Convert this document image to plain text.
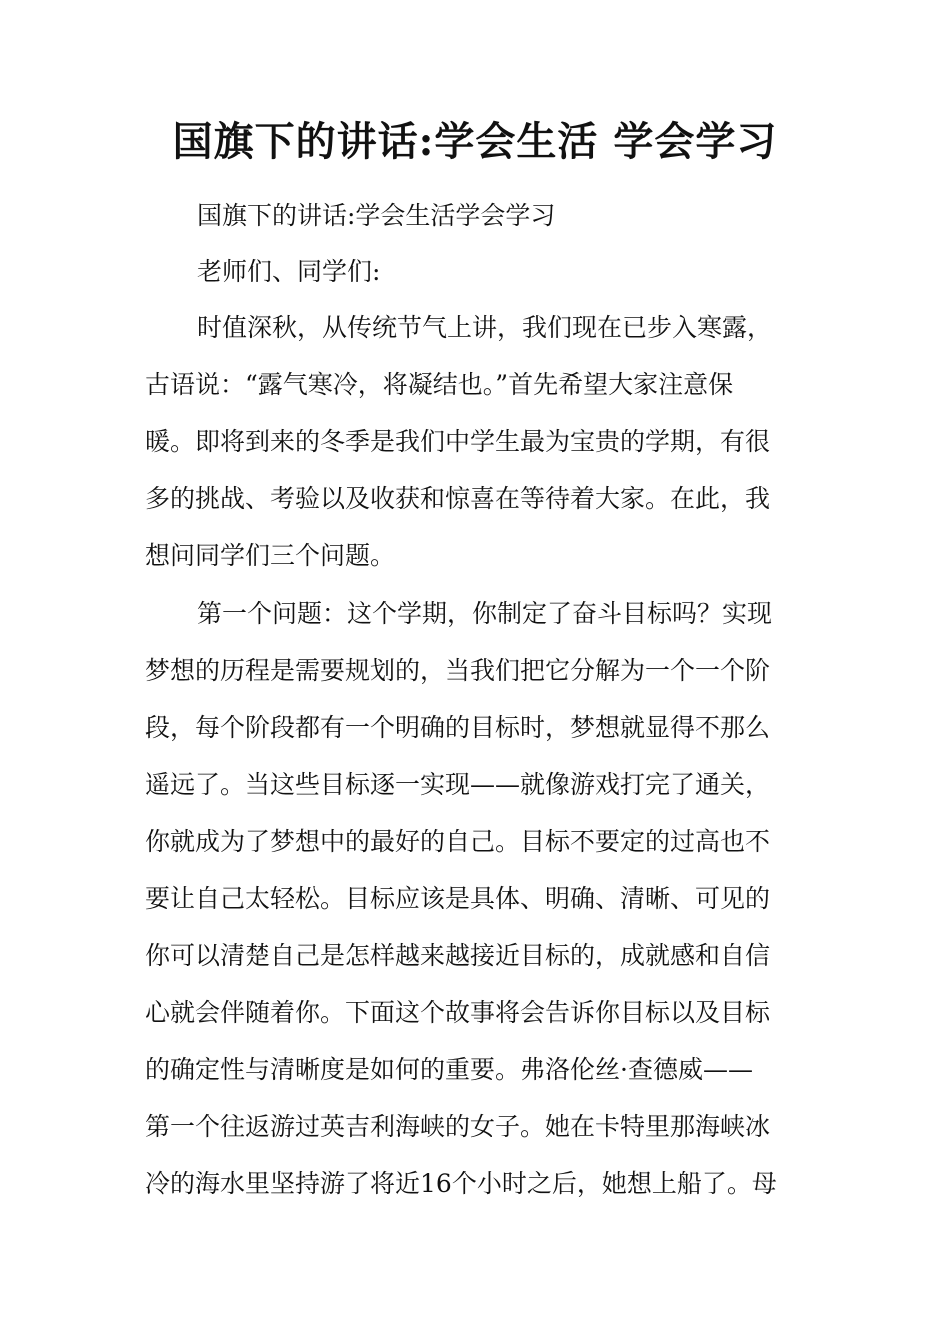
国旗下的讲话:学会生活 学会学习
国旗下的讲话:学会生活学会学习
老师们、同学们:
时值深秋，从传统节气上讲，我们现在已步入寒露，
古语说：“露气寒冷，将凝结也。”首先希望大家注意保
暖。即将到来的冬季是我们中学生最为宝贵的学期，有很
多的挑战、考验以及收获和惊喜在等待着大家。在此，我
想问同学们三个问题。
第一个问题：这个学期，你制定了奋斗目标吗？实现
梦想的历程是需要规划的，当我们把它分解为一个一个阶
段，每个阶段都有一个明确的目标时，梦想就显得不那么
遥远了。当这些目标逐一实现——就像游戏打完了通关，
你就成为了梦想中的最好的自己。目标不要定的过高也不
要让自己太轻松。目标应该是具体、明确、清晰、可见的
你可以清楚自己是怎样越来越接近目标的，成就感和自信
心就会伴随着你。下面这个故事将会告诉你目标以及目标
的确定性与清晰度是如何的重要。弗洛伦丝·查德威——
第一个往返游过英吉利海峡的女子。她在卡特里那海峡冰
冷的海水里坚持游了将近16个小时之后，她想上船了。母
